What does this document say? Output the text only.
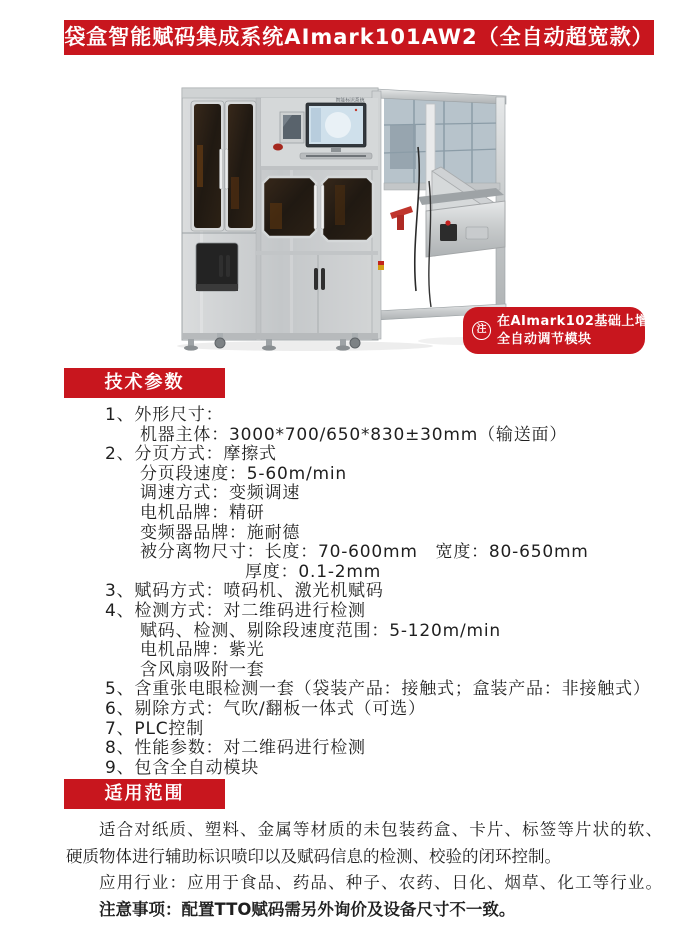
袋盒智能赋码集成系统AImark101AW2（全自动超宽款）
智能标识系统
注
在AImark102基础上增加
全自动调节模块
技术参数
1、外形尺寸：
机器主体：3000*700/650*830±30mm（输送面）
2、分页方式：摩擦式
分页段速度：5-60m/min
调速方式：变频调速
电机品牌：精研
变频器品牌：施耐德
被分离物尺寸：长度：70-600mm　宽度：80-650mm
厚度：0.1-2mm
3、赋码方式：喷码机、激光机赋码
4、检测方式：对二维码进行检测
赋码、检测、剔除段速度范围：5-120m/min
电机品牌：紫光
含风扇吸附一套
5、含重张电眼检测一套（袋装产品：接触式；盒装产品：非接触式）
6、剔除方式：气吹/翻板一体式（可选）
7、PLC控制
8、性能参数：对二维码进行检测
9、包含全自动模块
适用范围
适合对纸质、塑料、金属等材质的未包装药盒、卡片、标签等片状的软、
硬质物体进行辅助标识喷印以及赋码信息的检测、校验的闭环控制。
应用行业：应用于食品、药品、种子、农药、日化、烟草、化工等行业。
注意事项：配置TTO赋码需另外询价及设备尺寸不一致。
